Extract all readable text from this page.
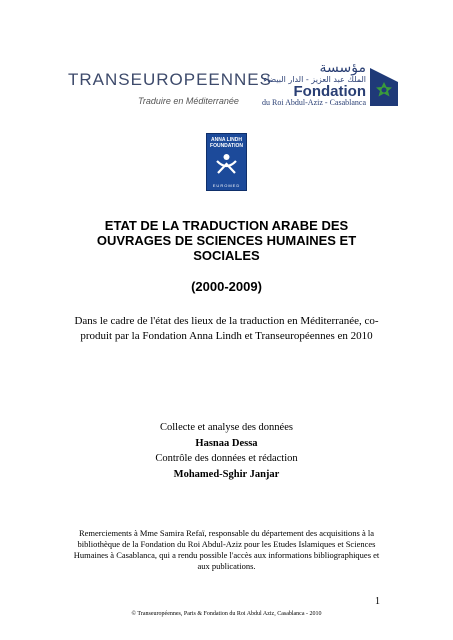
TRANSEUROPEENNES
Traduire en Méditerranée
مؤسسة
الملك عبد العزيز - الدار البيضاء
Fondation
du Roi Abdul-Aziz - Casablanca
ANNA LINDH
FOUNDATION
EUROMED
ETAT DE LA TRADUCTION ARABE DES
OUVRAGES DE SCIENCES HUMAINES ET
SOCIALES
(2000-2009)
Dans le cadre de l'état des lieux de la traduction en Méditerranée, co-produit par la Fondation Anna Lindh et Transeuropéennes en 2010
Collecte et analyse des données
Hasnaa Dessa
Contrôle des données et rédaction
Mohamed-Sghir Janjar
Remerciements à Mme Samira Refaï, responsable du département des acquisitions à la bibliothèque de la Fondation du Roi Abdul-Aziz pour les Etudes Islamiques et Sciences Humaines à Casablanca, qui a rendu possible l'accès aux informations bibliographiques et aux publications.
1
© Transeuropéennes, Paris & Fondation du Roi Abdul Aziz, Casablanca - 2010
